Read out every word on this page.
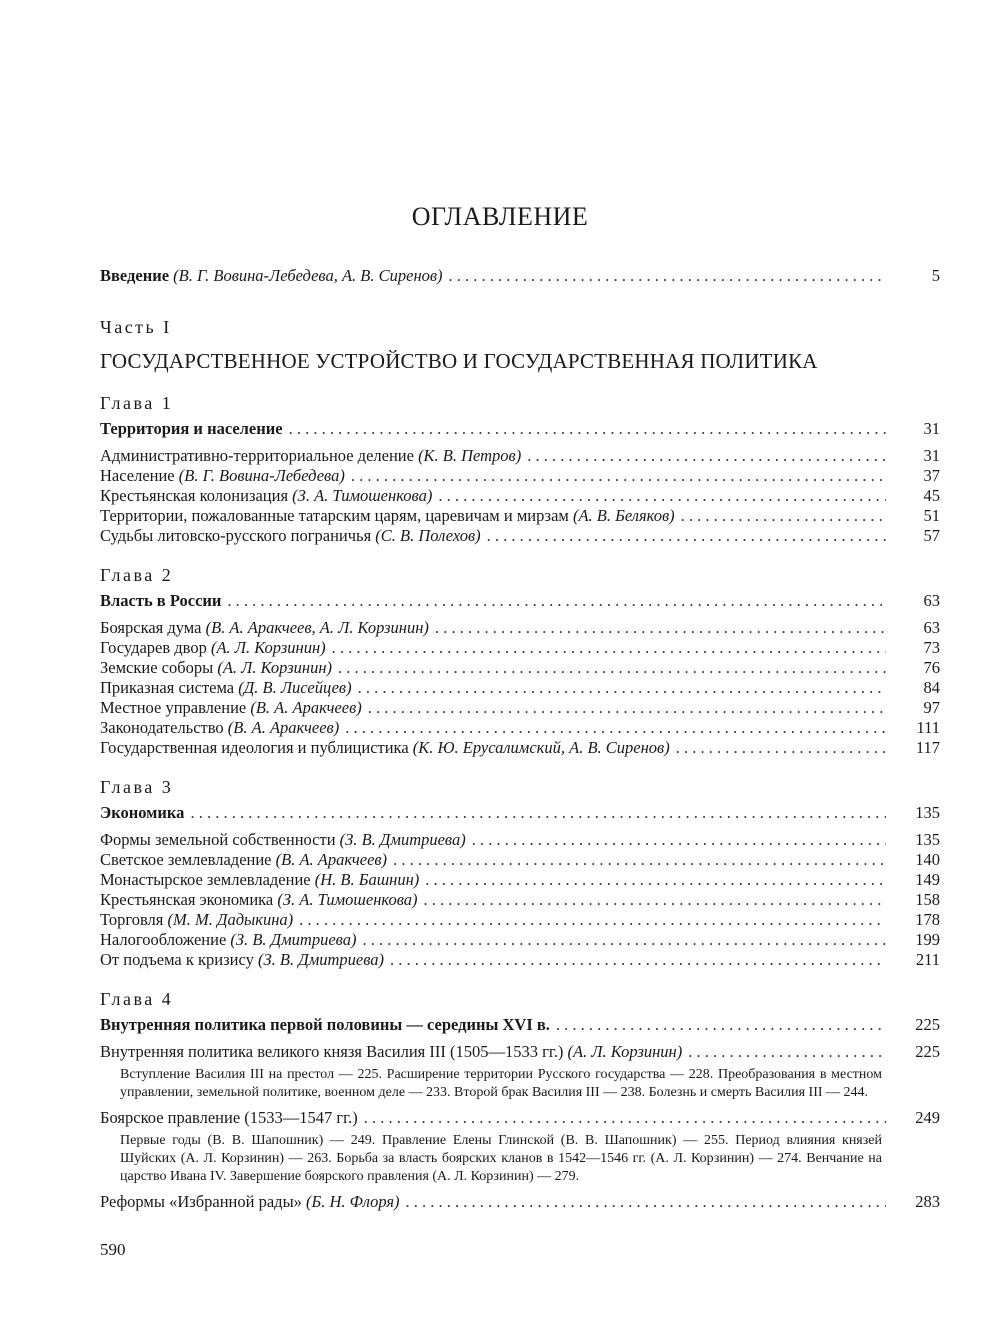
ОГЛАВЛЕНИЕ
Введение (В. Г. Вовина-Лебедева, А. В. Сиренов) . . .	5
Часть I
ГОСУДАРСТВЕННОЕ УСТРОЙСТВО И ГОСУДАРСТВЕННАЯ ПОЛИТИКА
Глава 1
Территория и население . . .	31
Административно-территориальное деление (К. В. Петров) . . .	31
Население (В. Г. Вовина-Лебедева) . . .	37
Крестьянская колонизация (З. А. Тимошенкова) . . .	45
Территории, пожалованные татарским царям, царевичам и мирзам (А. В. Беляков) . . .	51
Судьбы литовско-русского пограничья (С. В. Полехов) . . .	57
Глава 2
Власть в России . . .	63
Боярская дума (В. А. Аракчеев, А. Л. Корзинин) . . .	63
Государев двор (А. Л. Корзинин) . . .	73
Земские соборы (А. Л. Корзинин) . . .	76
Приказная система (Д. В. Лисейцев) . . .	84
Местное управление (В. А. Аракчеев) . . .	97
Законодательство (В. А. Аракчеев) . . .	111
Государственная идеология и публицистика (К. Ю. Ерусалимский, А. В. Сиренов) . . .	117
Глава 3
Экономика . . .	135
Формы земельной собственности (З. В. Дмитриева) . . .	135
Светское землевладение (В. А. Аракчеев) . . .	140
Монастырское землевладение (Н. В. Башнин) . . .	149
Крестьянская экономика (З. А. Тимошенкова) . . .	158
Торговля (М. М. Дадыкина) . . .	178
Налогообложение (З. В. Дмитриева) . . .	199
От подъема к кризису (З. В. Дмитриева) . . .	211
Глава 4
Внутренняя политика первой половины — середины XVI в. . . .	225
Внутренняя политика великого князя Василия III (1505—1533 гг.) (А. Л. Корзинин) . . .	225
Вступление Василия III на престол — 225. Расширение территории Русского государства — 228. Преобразования в местном управлении, земельной политике, военном деле — 233. Второй брак Василия III — 238. Болезнь и смерть Василия III — 244.
Боярское правление (1533—1547 гг.) . . .	249
Первые годы (В. В. Шапошник) — 249. Правление Елены Глинской (В. В. Шапошник) — 255. Период влияния князей Шуйских (А. Л. Корзинин) — 263. Борьба за власть боярских кланов в 1542—1546 гг. (А. Л. Корзинин) — 274. Венчание на царство Ивана IV. Завершение боярского правления (А. Л. Корзинин) — 279.
Реформы «Избранной рады» (Б. Н. Флоря) . . .	283
590
